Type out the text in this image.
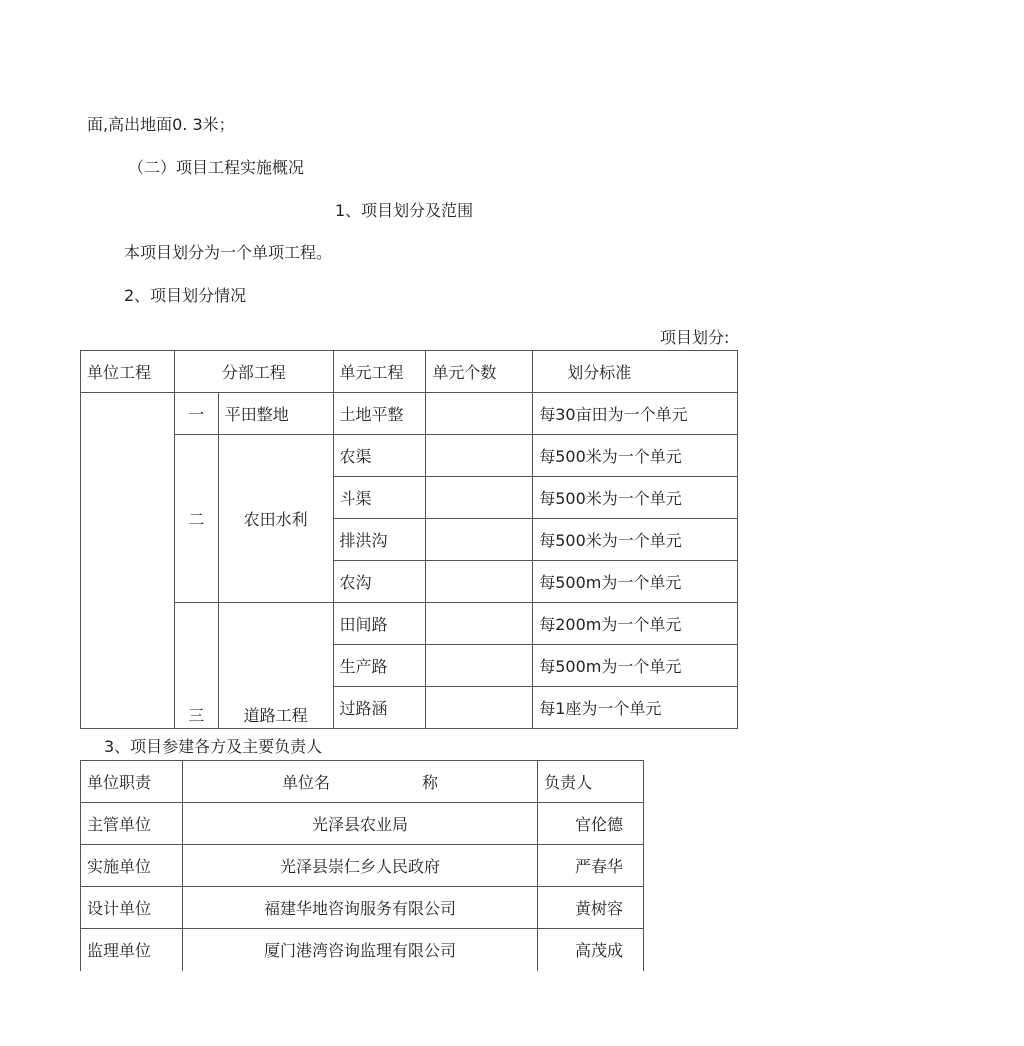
面,高出地面0. 3米；
（二）项目工程实施概况
1、项目划分及范围
本项目划分为一个单项工程。
2、项目划分情况
项目划分:
单位工程	分部工程		单元工程	单元个数	划分标准
	一	平田整地	土地平整		每30亩田为一个单元
	二	农田水利	农渠		每500米为一个单元
			斗渠		每500米为一个单元
			排洪沟		每500米为一个单元
			农沟		每500m为一个单元
	三	道路工程	田间路		每200m为一个单元
			生产路		每500m为一个单元
			过路涵		每1座为一个单元
3、项目参建各方及主要负责人
单位职责	单位名 称	负责人
主管单位	光泽县农业局	官伦德
实施单位	光泽县崇仁乡人民政府	严春华
设计单位	福建华地咨询服务有限公司	黄树容
监理单位	厦门港湾咨询监理有限公司	高茂成
